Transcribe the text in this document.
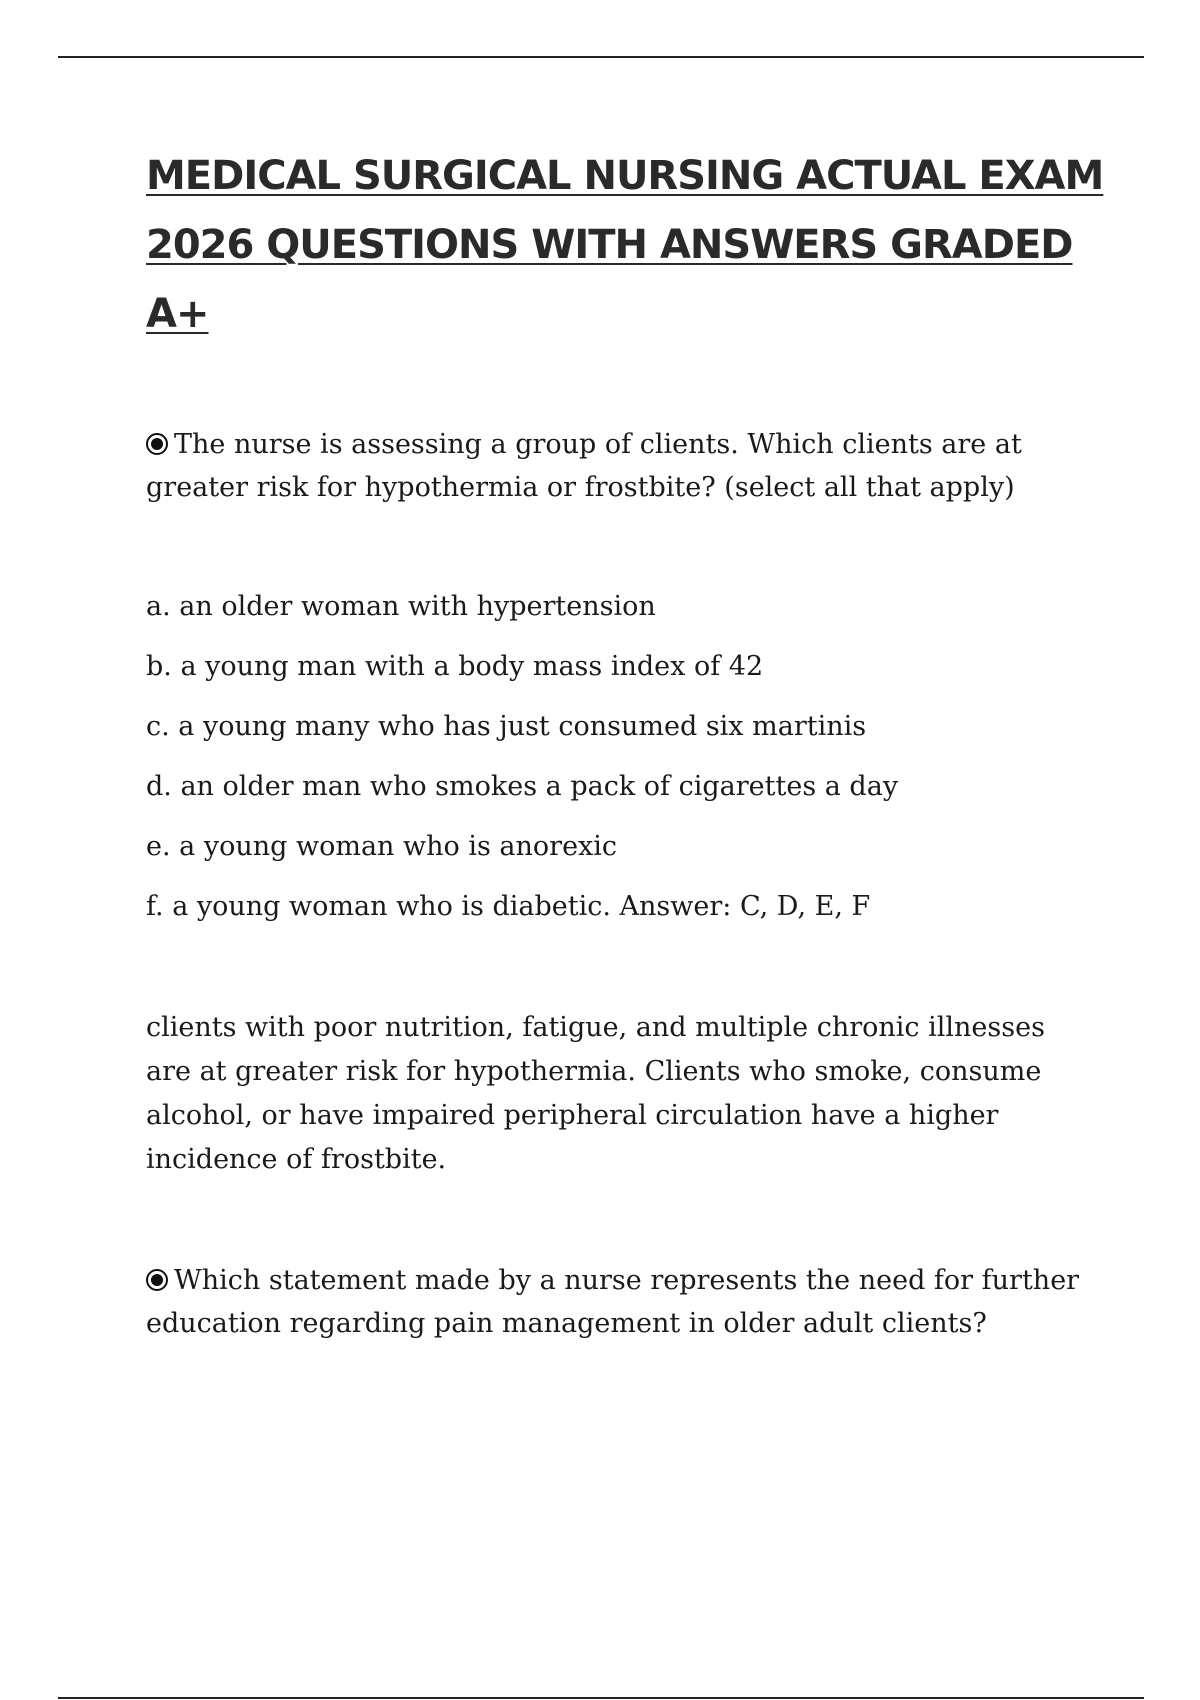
MEDICAL SURGICAL NURSING ACTUAL EXAM 2026 QUESTIONS WITH ANSWERS GRADED A+

The nurse is assessing a group of clients. Which clients are at greater risk for hypothermia or frostbite? (select all that apply)

a. an older woman with hypertension
b. a young man with a body mass index of 42
c. a young many who has just consumed six martinis
d. an older man who smokes a pack of cigarettes a day
e. a young woman who is anorexic
f. a young woman who is diabetic. Answer: C, D, E, F

clients with poor nutrition, fatigue, and multiple chronic illnesses are at greater risk for hypothermia. Clients who smoke, consume alcohol, or have impaired peripheral circulation have a higher incidence of frostbite.

Which statement made by a nurse represents the need for further education regarding pain management in older adult clients?
